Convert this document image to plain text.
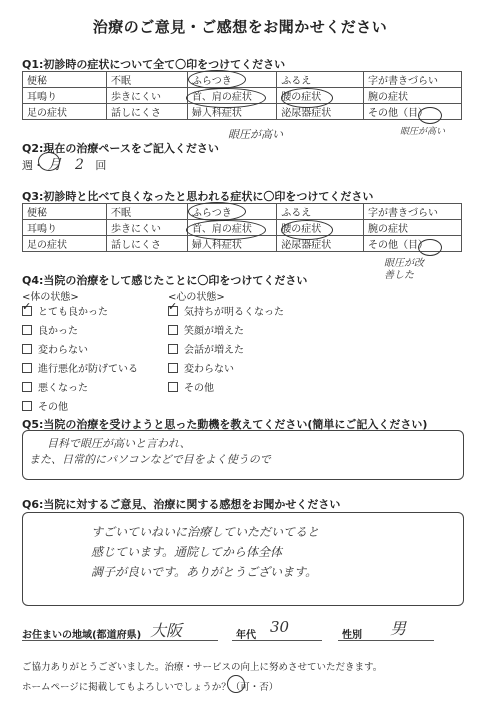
治療のご意見・ご感想をお聞かせください
Q1:初診時の症状について全て〇印をつけてください
便秘	不眠	ふらつき	ふるえ	字が書きづらい
耳鳴り	歩きにくい	首、肩の症状	腰の症状	腕の症状
足の症状	話しにくさ	婦人科症状	泌尿器症状	その他（目）
眼圧が高い	眼圧が高い
Q2:現在の治療ペースをご記入ください
週・ 月 2 回
Q3:初診時と比べて良くなったと思われる症状に〇印をつけてください
便秘	不眠	ふらつき	ふるえ	字が書きづらい
耳鳴り	歩きにくい	首、肩の症状	腰の症状	腕の症状
足の症状	話しにくさ	婦人科症状	泌尿器症状	その他（目）
眼圧が改善した
Q4:当院の治療をして感じたことに〇印をつけてください
<体の状態>	<心の状態>
✓とても良かった
良かった
変わらない
進行悪化が防げている
悪くなった
その他
✓気持ちが明るくなった
笑顔が増えた
会話が増えた
変わらない
その他
Q5:当院の治療を受けようと思った動機を教えてください(簡単にご記入ください)
目科で眼圧が高いと言われ、
また、日常的にパソコンなどで目をよく使うので
Q6:当院に対するご意見、治療に関する感想をお聞かせください
すごいていねいに治療していただいてると
感じています。通院してから体全体
調子が良いです。ありがとうございます。
お住まいの地域(都道府県) 大阪	年代 30	性別 男
ご協力ありがとうございました。治療・サービスの向上に努めさせていただきます。
ホームページに掲載してもよろしいでしょうか？（可・否）
